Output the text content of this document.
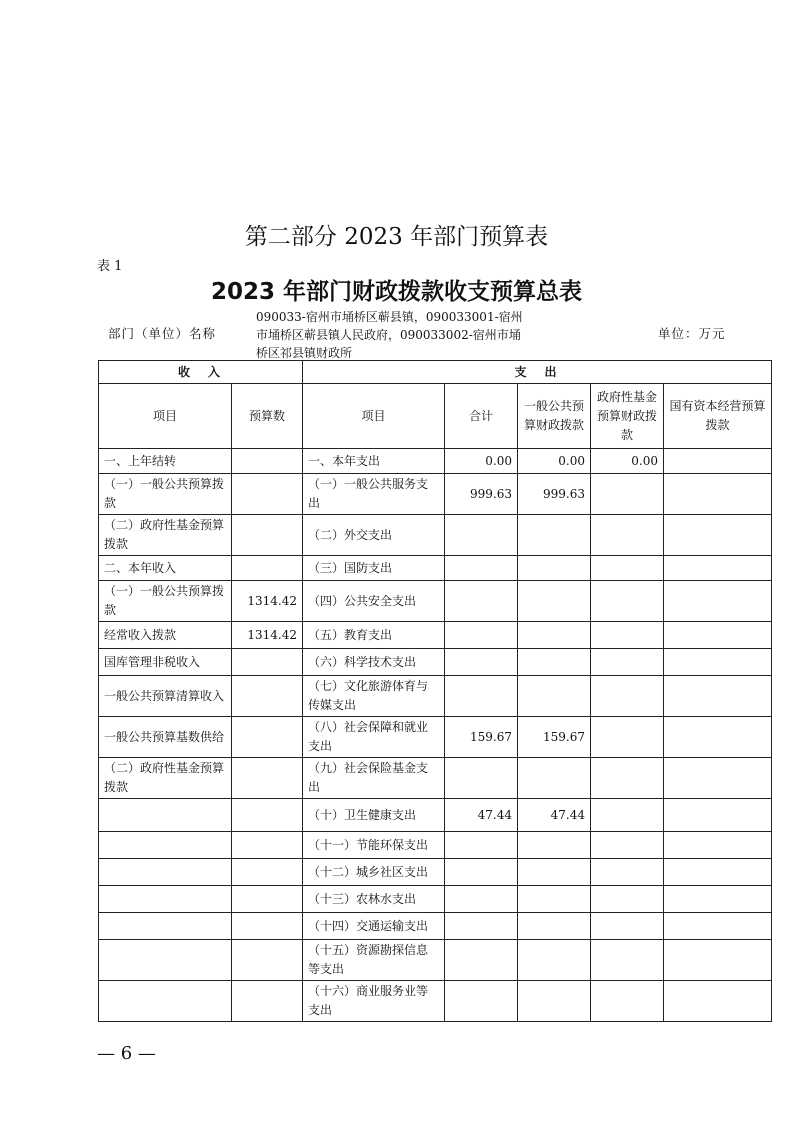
第二部分 2023 年部门预算表
表 1
2023 年部门财政拨款收支预算总表
部门（单位）名称
090033-宿州市埇桥区蕲县镇，090033001-宿州市埇桥区蕲县镇人民政府，090033002-宿州市埇桥区祁县镇财政所
单位：万元
收　入		支　出				
项目	预算数	项目	合计	一般公共预算财政拨款	政府性基金预算财政拨款	国有资本经营预算拨款
一、上年结转		一、本年支出	0.00	0.00	0.00	
（一）一般公共预算拨款		（一）一般公共服务支出	999.63	999.63		
（二）政府性基金预算拨款		（二）外交支出				
二、本年收入		（三）国防支出				
（一）一般公共预算拨款	1314.42	（四）公共安全支出				
经常收入拨款	1314.42	（五）教育支出				
国库管理非税收入		（六）科学技术支出				
一般公共预算清算收入		（七）文化旅游体育与传媒支出				
一般公共预算基数供给		（八）社会保障和就业支出	159.67	159.67		
（二）政府性基金预算拨款		（九）社会保险基金支出				
		（十）卫生健康支出	47.44	47.44		
		（十一）节能环保支出				
		（十二）城乡社区支出				
		（十三）农林水支出				
		（十四）交通运输支出				
		（十五）资源勘探信息等支出				
		（十六）商业服务业等支出				
— 6 —
